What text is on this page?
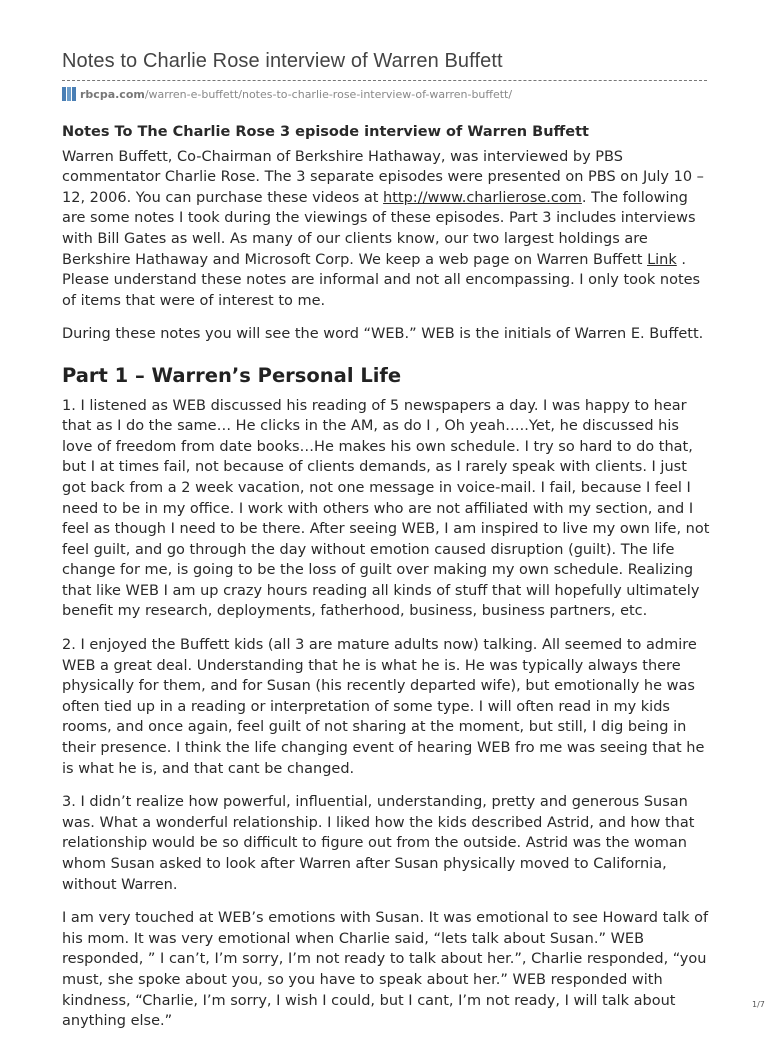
Notes to Charlie Rose interview of Warren Buffett
rbcpa.com/warren-e-buffett/notes-to-charlie-rose-interview-of-warren-buffett/

Notes To The Charlie Rose 3 episode interview of Warren Buffett

Warren Buffett, Co-Chairman of Berkshire Hathaway, was interviewed by PBS commentator Charlie Rose. The 3 separate episodes were presented on PBS on July 10 – 12, 2006. You can purchase these videos at http://www.charlierose.com. The following are some notes I took during the viewings of these episodes. Part 3 includes interviews with Bill Gates as well. As many of our clients know, our two largest holdings are Berkshire Hathaway and Microsoft Corp. We keep a web page on Warren Buffett Link . Please understand these notes are informal and not all encompassing. I only took notes of items that were of interest to me.

During these notes you will see the word “WEB.” WEB is the initials of Warren E. Buffett.

Part 1 – Warren’s Personal Life

1. I listened as WEB discussed his reading of 5 newspapers a day. I was happy to hear that as I do the same… He clicks in the AM, as do I , Oh yeah…..Yet, he discussed his love of freedom from date books…He makes his own schedule. I try so hard to do that, but I at times fail, not because of clients demands, as I rarely speak with clients. I just got back from a 2 week vacation, not one message in voice-mail. I fail, because I feel I need to be in my office. I work with others who are not affiliated with my section, and I feel as though I need to be there. After seeing WEB, I am inspired to live my own life, not feel guilt, and go through the day without emotion caused disruption (guilt). The life change for me, is going to be the loss of guilt over making my own schedule. Realizing that like WEB I am up crazy hours reading all kinds of stuff that will hopefully ultimately benefit my research, deployments, fatherhood, business, business partners, etc.

2. I enjoyed the Buffett kids (all 3 are mature adults now) talking. All seemed to admire WEB a great deal. Understanding that he is what he is. He was typically always there physically for them, and for Susan (his recently departed wife), but emotionally he was often tied up in a reading or interpretation of some type. I will often read in my kids rooms, and once again, feel guilt of not sharing at the moment, but still, I dig being in their presence. I think the life changing event of hearing WEB fro me was seeing that he is what he is, and that cant be changed.

3. I didn’t realize how powerful, influential, understanding, pretty and generous Susan was. What a wonderful relationship. I liked how the kids described Astrid, and how that relationship would be so difficult to figure out from the outside. Astrid was the woman whom Susan asked to look after Warren after Susan physically moved to California, without Warren.

I am very touched at WEB’s emotions with Susan. It was emotional to see Howard talk of his mom. It was very emotional when Charlie said, “lets talk about Susan.” WEB responded, ” I can’t, I’m sorry, I’m not ready to talk about her.”, Charlie responded, “you must, she spoke about you, so you have to speak about her.” WEB responded with kindness, “Charlie, I’m sorry, I wish I could, but I cant, I’m not ready, I will talk about anything else.”

1/7
